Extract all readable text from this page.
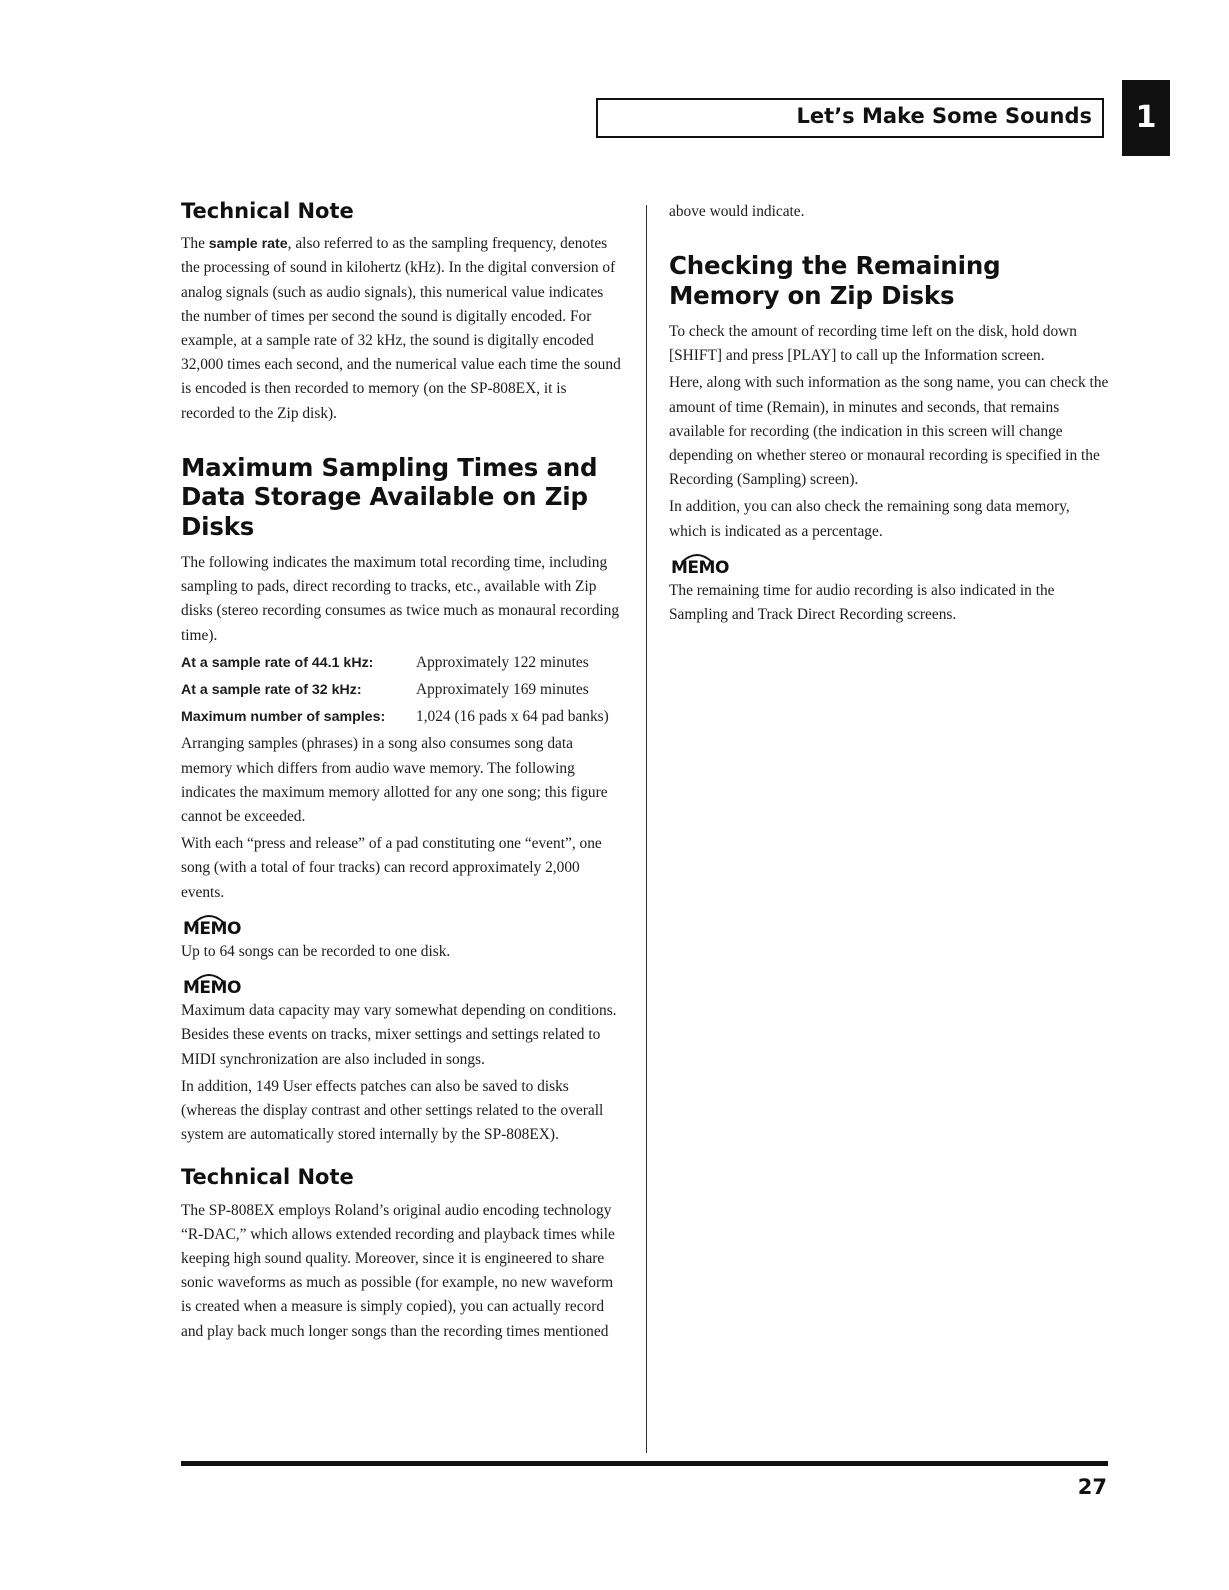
Let’s Make Some Sounds	1
Technical Note

The sample rate, also referred to as the sampling frequency, denotes the processing of sound in kilohertz (kHz). In the digital conversion of analog signals (such as audio signals), this numerical value indicates the number of times per second the sound is digitally encoded. For example, at a sample rate of 32 kHz, the sound is digitally encoded 32,000 times each second, and the numerical value each time the sound is encoded is then recorded to memory (on the SP-808EX, it is recorded to the Zip disk).

Maximum Sampling Times and Data Storage Available on Zip Disks

The following indicates the maximum total recording time, including sampling to pads, direct recording to tracks, etc., available with Zip disks (stereo recording consumes as twice much as monaural recording time).

At a sample rate of 44.1 kHz:	Approximately 122 minutes
At a sample rate of 32 kHz:	Approximately 169 minutes
Maximum number of samples:	1,024 (16 pads x 64 pad banks)

Arranging samples (phrases) in a song also consumes song data memory which differs from audio wave memory. The following indicates the maximum memory allotted for any one song; this figure cannot be exceeded.

With each “press and release” of a pad constituting one “event”, one song (with a total of four tracks) can record approximately 2,000 events.

MEMO

Up to 64 songs can be recorded to one disk.

MEMO

Maximum data capacity may vary somewhat depending on conditions. Besides these events on tracks, mixer settings and settings related to MIDI synchronization are also included in songs.

In addition, 149 User effects patches can also be saved to disks (whereas the display contrast and other settings related to the overall system are automatically stored internally by the SP-808EX).

Technical Note

The SP-808EX employs Roland’s original audio encoding technology “R-DAC,” which allows extended recording and playback times while keeping high sound quality. Moreover, since it is engineered to share sonic waveforms as much as possible (for example, no new waveform is created when a measure is simply copied), you can actually record and play back much longer songs than the recording times mentioned

above would indicate.

Checking the Remaining Memory on Zip Disks

To check the amount of recording time left on the disk, hold down [SHIFT] and press [PLAY] to call up the Information screen.

Here, along with such information as the song name, you can check the amount of time (Remain), in minutes and seconds, that remains available for recording (the indication in this screen will change depending on whether stereo or monaural recording is specified in the Recording (Sampling) screen).

In addition, you can also check the remaining song data memory, which is indicated as a percentage.

MEMO

The remaining time for audio recording is also indicated in the Sampling and Track Direct Recording screens.

27
